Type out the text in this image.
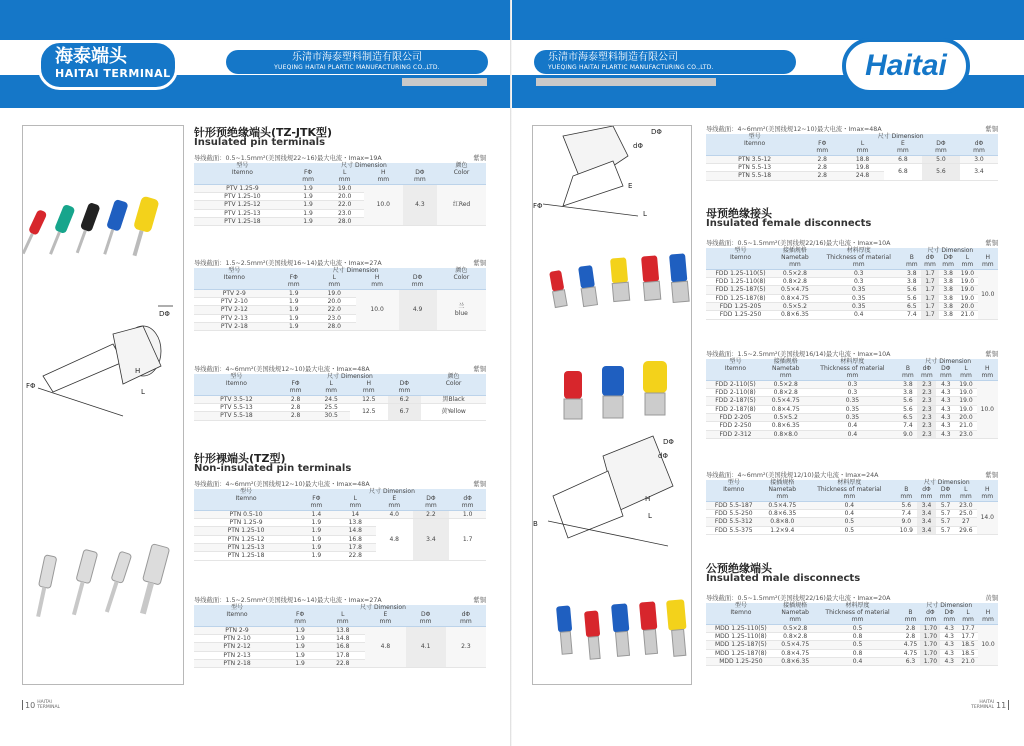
海泰端头
HAITAI TERMINAL
乐清市海泰塑料制造有限公司
YUEQING HAITAI PLARTIC MANUFACTURING CO.,LTD.
DΦ
H
L
FΦ
针形预绝缘端头(TZ-JTK型)
Insulated pin terminals
导线截面：0.5~1.5mm²(美国线规22~16)最大电流・Imax=19A	紫铜
型号
Itemno	尺寸 Dimension				颜色
Color
	FΦ	L	H	DΦ	
	mm	mm	mm	mm	
PTV 1.25-9	1.9	19.0	10.0	4.3	红Red
PTV 1.25-10	1.9	20.0			
PTV 1.25-12	1.9	22.0			
PTV 1.25-13	1.9	23.0			
PTV 1.25-18	1.9	28.0			
导线截面：1.5~2.5mm²(美国线规16~14)最大电流・Imax=27A	紫铜
型号
Itemno	尺寸 Dimension				颜色
Color
	FΦ	L	H	DΦ	
	mm	mm	mm	mm	
PTV 2-9	1.9	19.0	10.0	4.9	兰
blue
PTV 2-10	1.9	20.0			
PTV 2-12	1.9	22.0			
PTV 2-13	1.9	23.0			
PTV 2-18	1.9	28.0			
导线截面：4~6mm²(美国线规12~10)最大电流・Imax=48A	紫铜
型号
Itemno	尺寸 Dimension				颜色
Color
	FΦ	L	H	DΦ	
	mm	mm	mm	mm	
PTV 3.5-12	2.8	24.5	12.5	6.2	黑Black
PTV 5.5-13	2.8	25.5	12.5	6.7	黄Yellow
PTV 5.5-18	2.8	30.5			
针形裸端头(TZ型)
Non-insulated pin terminals
导线截面：4~6mm²(美国线规12~10)最大电流・Imax=48A	紫铜
型号
Itemno	尺寸 Dimension				
	FΦ	L	E	DΦ	dΦ
	mm	mm	mm	mm	mm
PTN 0.5-10	1.4	14	4.0	2.2	1.0
PTN 1.25-9	1.9	13.8	4.8	3.4	1.7
PTN 1.25-10	1.9	14.8			
PTN 1.25-12	1.9	16.8			
PTN 1.25-13	1.9	17.8			
PTN 1.25-18	1.9	22.8			
导线截面：1.5~2.5mm²(美国线规16~14)最大电流・Imax=27A	紫铜
型号
Itemno	尺寸 Dimension				
	FΦ	L	E	DΦ	dΦ
	mm	mm	mm	mm	mm
PTN 2-9	1.9	13.8	4.8	4.1	2.3
PTN 2-10	1.9	14.8			
PTN 2-12	1.9	16.8			
PTN 2-13	1.9	17.8			
PTN 2-18	1.9	22.8			
10 HAITAI TERMINAL
乐清市海泰塑料制造有限公司
YUEQING HAITAI PLARTIC MANUFACTURING CO.,LTD.	Haitai
DΦ
dΦ
E
FΦ
L
DΦ
dΦ
H
L
B
导线截面：4~6mm²(美国线规12~10)最大电流・Imax=48A	紫铜
型号
Itemno	尺寸 Dimension				
	FΦ	L	E	DΦ	dΦ
	mm	mm	mm	mm	mm
PTN 3.5-12	2.8	18.8	6.8	5.0	3.0
PTN 5.5-13	2.8	19.8	6.8	5.6	3.4
PTN 5.5-18	2.8	24.8			
母预绝缘接头
Insulated female disconnects
导线截面：0.5~1.5mm²(美国线规22/16)最大电流・Imax=10A	紫铜
型号
Itemno	接插规格
Nametab	材料厚度
Thickness of material	尺寸 Dimension				
			B	dΦ	DΦ	L	H
	mm	mm	mm	mm	mm	mm	mm
FDD 1.25-110(5)	0.5×2.8	0.3	3.8	1.7	3.8	19.0	10.0
FDD 1.25-110(8)	0.8×2.8	0.3	3.8	1.7	3.8	19.0	
FDD 1.25-187(5)	0.5×4.75	0.35	5.6	1.7	3.8	19.0	
FDD 1.25-187(8)	0.8×4.75	0.35	5.6	1.7	3.8	19.0	
FDD 1.25-205	0.5×5.2	0.35	6.5	1.7	3.8	20.0	
FDD 1.25-250	0.8×6.35	0.4	7.4	1.7	3.8	21.0	
导线截面：1.5~2.5mm²(美国线规16/14)最大电流・Imax=10A	紫铜
型号
Itemno	接插规格
Nametab	材料厚度
Thickness of material	尺寸 Dimension				
			B	dΦ	DΦ	L	H
	mm	mm	mm	mm	mm	mm	mm
FDD 2-110(5)	0.5×2.8	0.3	3.8	2.3	4.3	19.0	10.0
FDD 2-110(8)	0.8×2.8	0.3	3.8	2.3	4.3	19.0	
FDD 2-187(5)	0.5×4.75	0.35	5.6	2.3	4.3	19.0	
FDD 2-187(8)	0.8×4.75	0.35	5.6	2.3	4.3	19.0	
FDD 2-205	0.5×5.2	0.35	6.5	2.3	4.3	20.0	
FDD 2-250	0.8×6.35	0.4	7.4	2.3	4.3	21.0	
FDD 2-312	0.8×8.0	0.4	9.0	2.3	4.3	23.0	
导线截面：4~6mm²(美国线规12/10)最大电流・Imax=24A	紫铜
型号
Itemno	接插规格
Nametab	材料厚度
Thickness of material	尺寸 Dimension				
			B	dΦ	DΦ	L	H
	mm	mm	mm	mm	mm	mm	mm
FDD 5.5-187	0.5×4.75	0.4	5.6	3.4	5.7	23.0	14.0
FDD 5.5-250	0.8×6.35	0.4	7.4	3.4	5.7	25.0	
FDD 5.5-312	0.8×8.0	0.5	9.0	3.4	5.7	27	
FDD 5.5-375	1.2×9.4	0.5	10.9	3.4	5.7	29.6	
公预绝缘端头
Insulated male disconnects
导线截面：0.5~1.5mm²(美国线规22/16)最大电流・Imax=20A	黄铜
型号
Itemno	接插规格
Nametab	材料厚度
Thickness of material	尺寸 Dimension				
			B	dΦ	DΦ	L	H
	mm	mm	mm	mm	mm	mm	mm
MDD 1.25-110(5)	0.5×2.8	0.5	2.8	1.70	4.3	17.7	10.0
MDD 1.25-110(8)	0.8×2.8	0.8	2.8	1.70	4.3	17.7	
MDD 1.25-187(5)	0.5×4.75	0.5	4.75	1.70	4.3	18.5	
MDD 1.25-187(8)	0.8×4.75	0.8	4.75	1.70	4.3	18.5	
MDD 1.25-250	0.8×6.35	0.4	6.3	1.70	4.3	21.0	
HAITAI TERMINAL 11
